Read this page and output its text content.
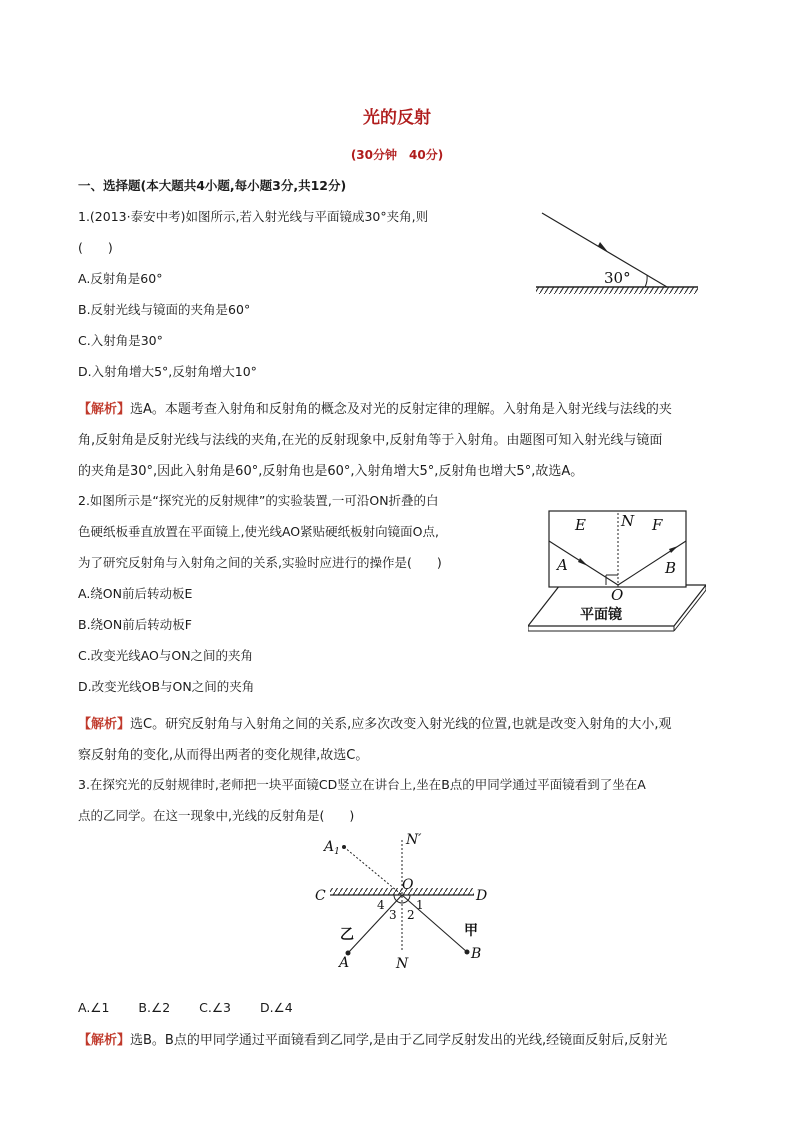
光的反射
(30分钟　40分)
一、选择题(本大题共4小题,每小题3分,共12分)
1.(2013·泰安中考)如图所示,若入射光线与平面镜成30°夹角,则
(　　)
A.反射角是60°
B.反射光线与镜面的夹角是60°
C.入射角是30°
D.入射角增大5°,反射角增大10°
30°
【解析】选A。本题考查入射角和反射角的概念及对光的反射定律的理解。入射角是入射光线与法线的夹
角,反射角是反射光线与法线的夹角,在光的反射现象中,反射角等于入射角。由题图可知入射光线与镜面
的夹角是30°,因此入射角是60°,反射角也是60°,入射角增大5°,反射角也增大5°,故选A。
2.如图所示是“探究光的反射规律”的实验装置,一可沿ON折叠的白
色硬纸板垂直放置在平面镜上,使光线AO紧贴硬纸板射向镜面O点,
为了研究反射角与入射角之间的关系,实验时应进行的操作是(　　)
A.绕ON前后转动板E
B.绕ON前后转动板F
C.改变光线AO与ON之间的夹角
D.改变光线OB与ON之间的夹角
E N F
A	B
O
平面镜
【解析】选C。研究反射角与入射角之间的关系,应多次改变入射光线的位置,也就是改变入射角的大小,观
察反射角的变化,从而得出两者的变化规律,故选C。
3.在探究光的反射规律时,老师把一块平面镜CD竖立在讲台上,坐在B点的甲同学通过平面镜看到了坐在A
点的乙同学。在这一现象中,光线的反射角是(　　)
$A_1$
N′
C
O
D
4
3 2
1
乙	甲
A	N
B
A.∠1　　 B.∠2　　 C.∠3　　 D.∠4
【解析】选B。B点的甲同学通过平面镜看到乙同学,是由于乙同学反射发出的光线,经镜面反射后,反射光
